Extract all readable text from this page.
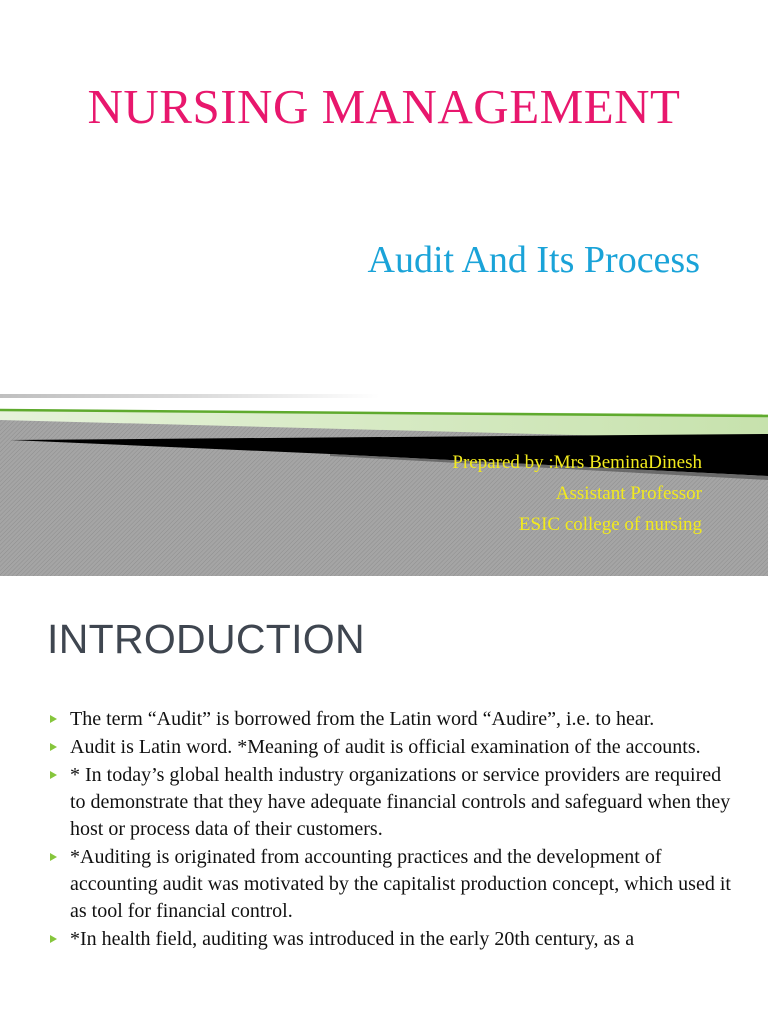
NURSING MANAGEMENT
Audit And Its Process
Prepared by :Mrs BeminaDinesh
Assistant Professor
ESIC college of nursing
INTRODUCTION
The term “Audit” is borrowed from the Latin word “Audire”, i.e. to hear.
Audit is Latin word. *Meaning of audit is official examination of the accounts.
* In today’s global health industry organizations or service providers are required to demonstrate that they have adequate financial controls and safeguard when they host or process data of their customers.
*Auditing is originated from accounting practices and the development of accounting audit was motivated by the capitalist production concept, which used it as tool for financial control.
*In health field, auditing was introduced in the early 20th century, as a
